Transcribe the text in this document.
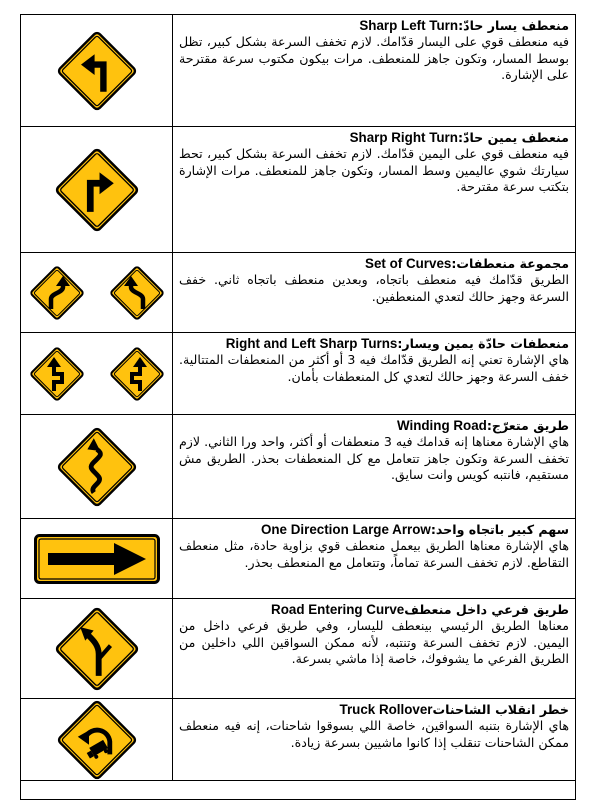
منعطف يسار حادّ:Sharp Left Turn
فيه منعطف قوي على اليسار قدّامك. لازم تخفف السرعة بشكل كبير، تظل بوسط المسار، وتكون جاهز للمنعطف. مرات بيكون مكتوب سرعة مقترحة على الإشارة.
منعطف يمين حادّ:Sharp Right Turn
فيه منعطف قوي على اليمين قدّامك. لازم تخفف السرعة بشكل كبير، تحط سيارتك شوي عاليمين وسط المسار، وتكون جاهز للمنعطف. مرات الإشارة بتكتب سرعة مقترحة.
مجموعة منعطفات:Set of Curves
الطريق قدّامك فيه منعطف باتجاه، وبعدين منعطف باتجاه ثاني. خفف السرعة وجهز حالك لتعدي المنعطفين.
منعطفات حادّة يمين ويسار:Right and Left Sharp Turns
هاي الإشارة تعني إنه الطريق قدّامك فيه 3 أو أكثر من المنعطفات المتتالية. خفف السرعة وجهز حالك لتعدي كل المنعطفات بأمان.
طريق متعرّج:Winding Road
هاي الإشارة معناها إنه قدامك فيه 3 منعطفات أو أكثر، واحد ورا الثاني. لازم تخفف السرعة وتكون جاهز تتعامل مع كل المنعطفات بحذر. الطريق مش مستقيم، فانتبه كويس وانت سايق.
سهم كبير باتجاه واحد:One Direction Large Arrow
هاي الإشارة معناها الطريق بيعمل منعطف قوي بزاوية حادة، مثل منعطف التقاطع. لازم تخفف السرعة تماماً، وتتعامل مع المنعطف بحذر.
طريق فرعي داخل منعطفRoad Entering Curve
معناها الطريق الرئيسي بينعطف لليسار، وفي طريق فرعي داخل من اليمين. لازم تخفف السرعة وتنتبه، لأنه ممكن السواقين اللي داخلين من الطريق الفرعي ما يشوفوك، خاصة إذا ماشي بسرعة.
خطر انقلاب الشاحناتTruck Rollover
هاي الإشارة بتنبه السواقين، خاصة اللي بسوقوا شاحنات، إنه فيه منعطف ممكن الشاحنات تنقلب إذا كانوا ماشيين بسرعة زيادة.
